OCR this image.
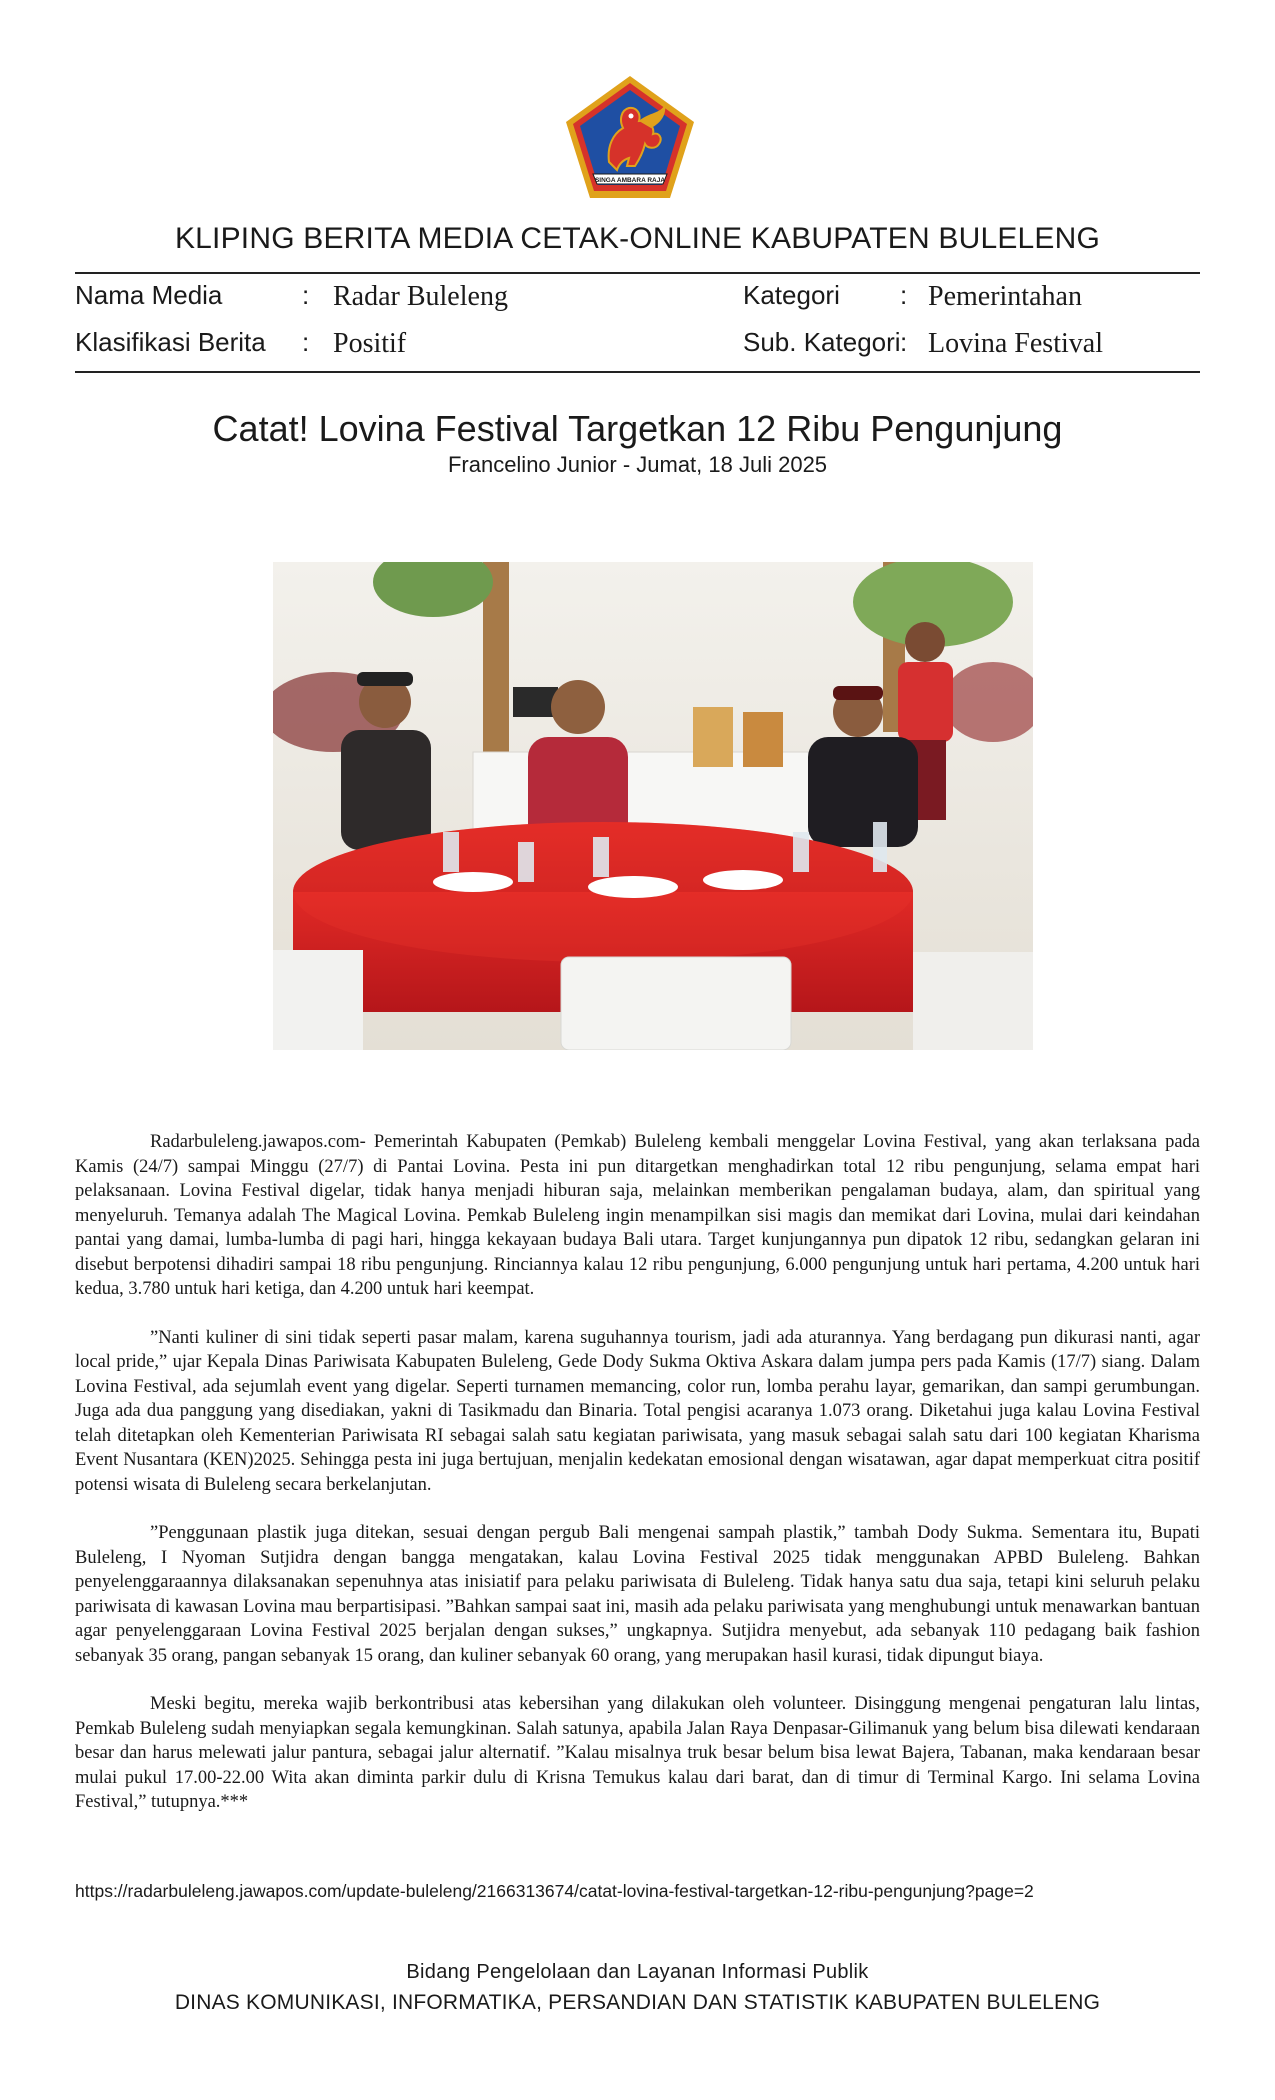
SINGA AMBARA RAJA
KLIPING BERITA MEDIA CETAK-ONLINE KABUPATEN BULELENG
Nama Media	: Radar Buleleng
Klasifikasi Berita : Positif
Kategori : Pemerintahan
Sub. Kategori : Lovina Festival
Catat! Lovina Festival Targetkan 12 Ribu Pengunjung
Francelino Junior - Jumat, 18 Juli 2025

Radarbuleleng.jawapos.com- Pemerintah Kabupaten (Pemkab) Buleleng kembali menggelar Lovina Festival, yang akan terlaksana pada Kamis (24/7) sampai Minggu (27/7) di Pantai Lovina. Pesta ini pun ditargetkan menghadirkan total 12 ribu pengunjung, selama empat hari pelaksanaan. Lovina Festival digelar, tidak hanya menjadi hiburan saja, melainkan memberikan pengalaman budaya, alam, dan spiritual yang menyeluruh. Temanya adalah The Magical Lovina. Pemkab Buleleng ingin menampilkan sisi magis dan memikat dari Lovina, mulai dari keindahan pantai yang damai, lumba-lumba di pagi hari, hingga kekayaan budaya Bali utara. Target kunjungannya pun dipatok 12 ribu, sedangkan gelaran ini disebut berpotensi dihadiri sampai 18 ribu pengunjung. Rinciannya kalau 12 ribu pengunjung, 6.000 pengunjung untuk hari pertama, 4.200 untuk hari kedua, 3.780 untuk hari ketiga, dan 4.200 untuk hari keempat.

”Nanti kuliner di sini tidak seperti pasar malam, karena suguhannya tourism, jadi ada aturannya. Yang berdagang pun dikurasi nanti, agar local pride,” ujar Kepala Dinas Pariwisata Kabupaten Buleleng, Gede Dody Sukma Oktiva Askara dalam jumpa pers pada Kamis (17/7) siang. Dalam Lovina Festival, ada sejumlah event yang digelar. Seperti turnamen memancing, color run, lomba perahu layar, gemarikan, dan sampi gerumbungan. Juga ada dua panggung yang disediakan, yakni di Tasikmadu dan Binaria. Total pengisi acaranya 1.073 orang. Diketahui juga kalau Lovina Festival telah ditetapkan oleh Kementerian Pariwisata RI sebagai salah satu kegiatan pariwisata, yang masuk sebagai salah satu dari 100 kegiatan Kharisma Event Nusantara (KEN)2025. Sehingga pesta ini juga bertujuan, menjalin kedekatan emosional dengan wisatawan, agar dapat memperkuat citra positif potensi wisata di Buleleng secara berkelanjutan.

”Penggunaan plastik juga ditekan, sesuai dengan pergub Bali mengenai sampah plastik,” tambah Dody Sukma. Sementara itu, Bupati Buleleng, I Nyoman Sutjidra dengan bangga mengatakan, kalau Lovina Festival 2025 tidak menggunakan APBD Buleleng. Bahkan penyelenggaraannya dilaksanakan sepenuhnya atas inisiatif para pelaku pariwisata di Buleleng. Tidak hanya satu dua saja, tetapi kini seluruh pelaku pariwisata di kawasan Lovina mau berpartisipasi. ”Bahkan sampai saat ini, masih ada pelaku pariwisata yang menghubungi untuk menawarkan bantuan agar penyelenggaraan Lovina Festival 2025 berjalan dengan sukses,” ungkapnya. Sutjidra menyebut, ada sebanyak 110 pedagang baik fashion sebanyak 35 orang, pangan sebanyak 15 orang, dan kuliner sebanyak 60 orang, yang merupakan hasil kurasi, tidak dipungut biaya.

Meski begitu, mereka wajib berkontribusi atas kebersihan yang dilakukan oleh volunteer. Disinggung mengenai pengaturan lalu lintas, Pemkab Buleleng sudah menyiapkan segala kemungkinan. Salah satunya, apabila Jalan Raya Denpasar-Gilimanuk yang belum bisa dilewati kendaraan besar dan harus melewati jalur pantura, sebagai jalur alternatif. ”Kalau misalnya truk besar belum bisa lewat Bajera, Tabanan, maka kendaraan besar mulai pukul 17.00-22.00 Wita akan diminta parkir dulu di Krisna Temukus kalau dari barat, dan di timur di Terminal Kargo. Ini selama Lovina Festival,” tutupnya.***

https://radarbuleleng.jawapos.com/update-buleleng/2166313674/catat-lovina-festival-targetkan-12-ribu-pengunjung?page=2
Bidang Pengelolaan dan Layanan Informasi Publik
DINAS KOMUNIKASI, INFORMATIKA, PERSANDIAN DAN STATISTIK KABUPATEN BULELENG
